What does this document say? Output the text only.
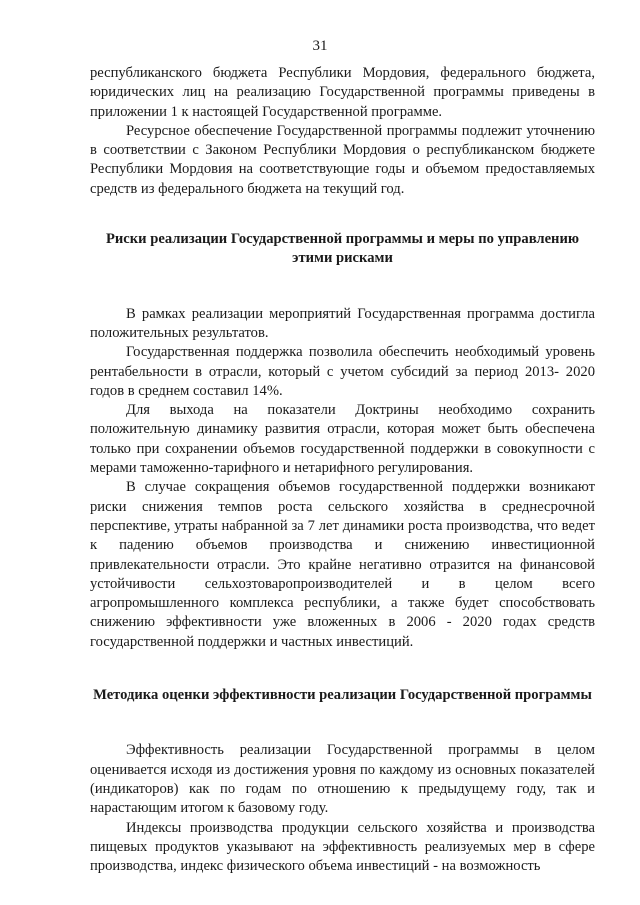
31

республиканского бюджета Республики Мордовия, федерального бюджета, юридических лиц на реализацию Государственной программы приведены в приложении 1 к настоящей Государственной программе.

Ресурсное обеспечение Государственной программы подлежит уточнению в соответствии с Законом Республики Мордовия о республиканском бюджете Республики Мордовия на соответствующие годы и объемом предоставляемых средств из федерального бюджета на текущий год.

Риски реализации Государственной программы и меры по управлению этими рисками

В рамках реализации мероприятий Государственная программа достигла положительных результатов.

Государственная поддержка позволила обеспечить необходимый уровень рентабельности в отрасли, который с учетом субсидий за период 2013- 2020 годов в среднем составил 14%.

Для выхода на показатели Доктрины необходимо сохранить положительную динамику развития отрасли, которая может быть обеспечена только при сохранении объемов государственной поддержки в совокупности с мерами таможенно-тарифного и нетарифного регулирования.

В случае сокращения объемов государственной поддержки возникают риски снижения темпов роста сельского хозяйства в среднесрочной перспективе, утраты набранной за 7 лет динамики роста производства, что ведет к падению объемов производства и снижению инвестиционной привлекательности отрасли. Это крайне негативно отразится на финансовой устойчивости сельхозтоваропроизводителей и в целом всего агропромышленного комплекса республики, а также будет способствовать снижению эффективности уже вложенных в 2006 - 2020 годах средств государственной поддержки и частных инвестиций.

Методика оценки эффективности реализации Государственной программы

Эффективность реализации Государственной программы в целом оценивается исходя из достижения уровня по каждому из основных показателей (индикаторов) как по годам по отношению к предыдущему году, так и нарастающим итогом к базовому году.

Индексы производства продукции сельского хозяйства и производства пищевых продуктов указывают на эффективность реализуемых мер в сфере производства, индекс физического объема инвестиций - на возможность
